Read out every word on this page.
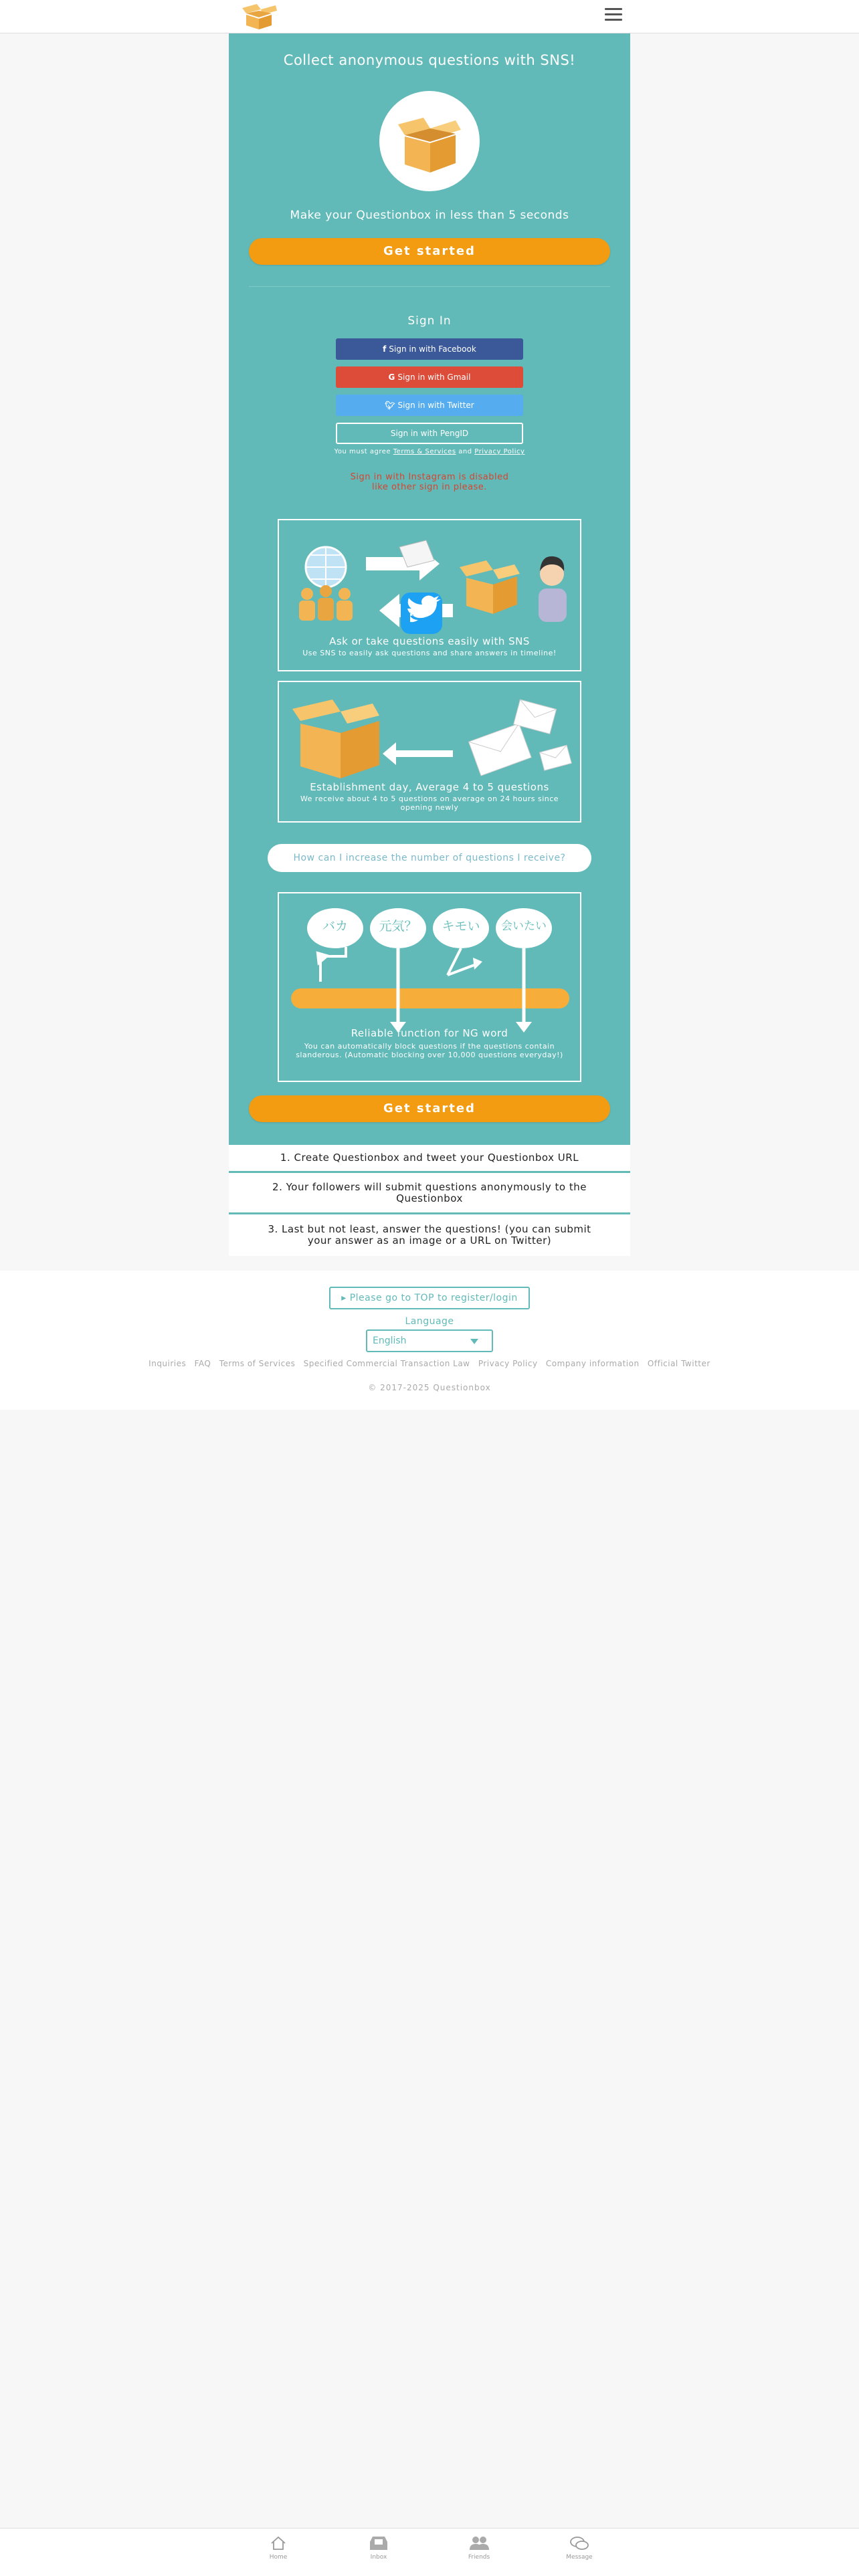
Collect anonymous questions with SNS!
Make your Questionbox in less than 5 seconds
Get started
Sign In
f Sign in with Facebook
G Sign in with Gmail
🐦︎ Sign in with Twitter
Sign in with PengID
You must agree Terms & Services and Privacy Policy
Sign in with Instagram is disabled
like other sign in please.
Ask or take questions easily with SNS
Use SNS to easily ask questions and share answers in timeline!
Establishment day, Average 4 to 5 questions
We receive about 4 to 5 questions on average on 24 hours since opening newly
How can I increase the number of questions I receive?
バカ	元気？	キモい	会いたい
Reliable function for NG word
You can automatically block questions if the questions contain slanderous. (Automatic blocking over 10,000 questions everyday!)
Get started
1. Create Questionbox and tweet your Questionbox URL
2. Your followers will submit questions anonymously to the Questionbox
3. Last but not least, answer the questions! (you can submit your answer as an image or a URL on Twitter)
▸ Please go to TOP to register/login
Language
English
Inquiries FAQ Terms of Services Specified Commercial Transaction Law Privacy Policy Company information Official Twitter
© 2017-2025 Questionbox
Home	Inbox	Friends	Message
